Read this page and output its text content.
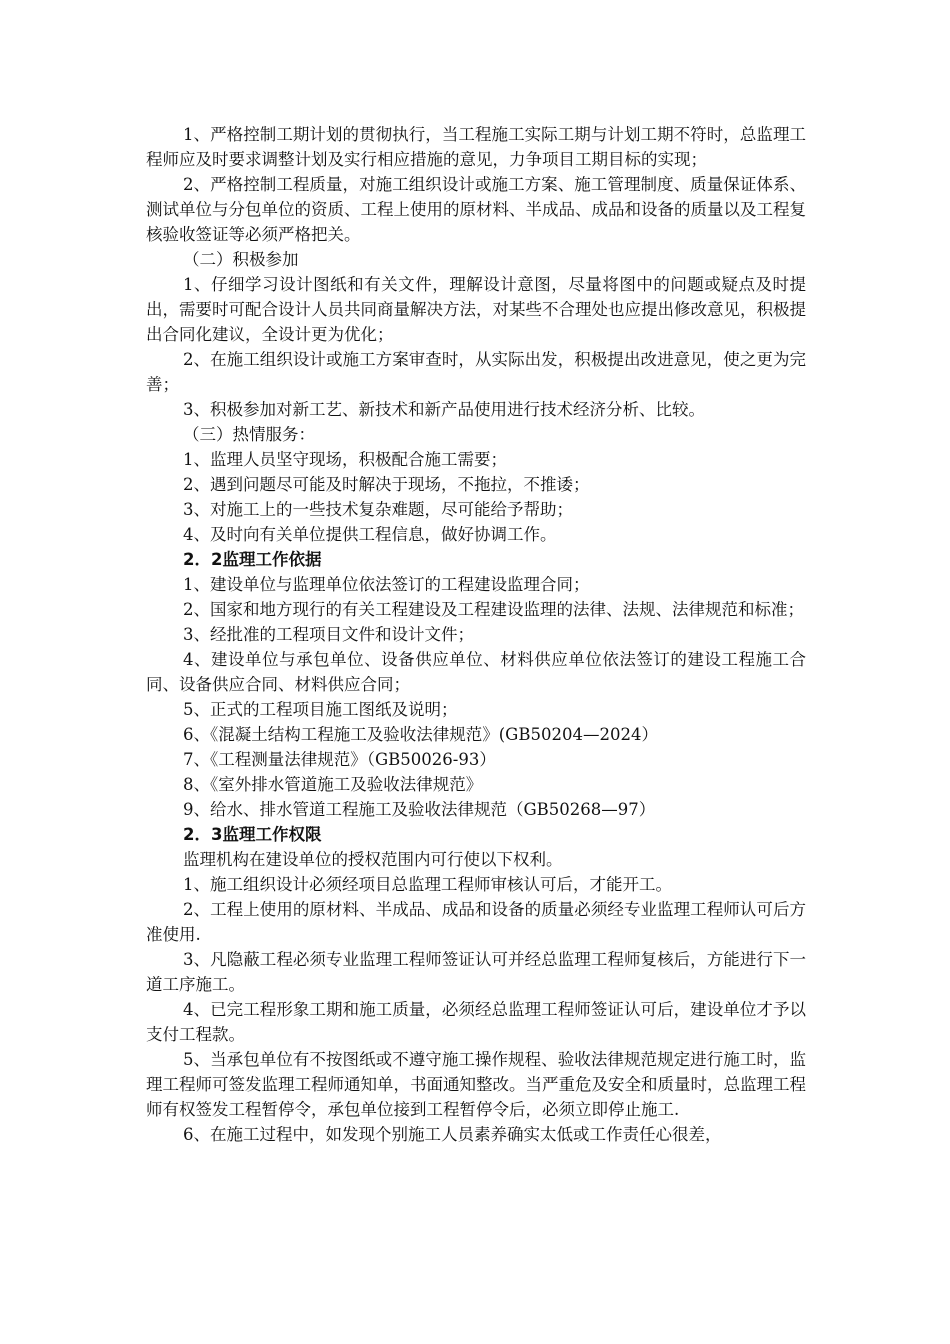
1、严格控制工期计划的贯彻执行，当工程施工实际工期与计划工期不符时，总监理工程师应及时要求调整计划及实行相应措施的意见，力争项目工期目标的实现；

2、严格控制工程质量，对施工组织设计或施工方案、施工管理制度、质量保证体系、测试单位与分包单位的资质、工程上使用的原材料、半成品、成品和设备的质量以及工程复核验收签证等必须严格把关。

（二）积极参加

1、仔细学习设计图纸和有关文件，理解设计意图，尽量将图中的问题或疑点及时提出，需要时可配合设计人员共同商量解决方法，对某些不合理处也应提出修改意见，积极提出合同化建议，全设计更为优化；

2、在施工组织设计或施工方案审查时，从实际出发，积极提出改进意见，使之更为完善；

3、积极参加对新工艺、新技术和新产品使用进行技术经济分析、比较。

（三）热情服务：

1、监理人员坚守现场，积极配合施工需要；

2、遇到问题尽可能及时解决于现场，不拖拉，不推诿；

3、对施工上的一些技术复杂难题，尽可能给予帮助；

4、及时向有关单位提供工程信息，做好协调工作。

2．2监理工作依据

1、建设单位与监理单位依法签订的工程建设监理合同；

2、国家和地方现行的有关工程建设及工程建设监理的法律、法规、法律规范和标准；

3、经批准的工程项目文件和设计文件；

4、建设单位与承包单位、设备供应单位、材料供应单位依法签订的建设工程施工合同、设备供应合同、材料供应合同；

5、正式的工程项目施工图纸及说明；

6、《混凝土结构工程施工及验收法律规范》(GB50204—2024）

7、《工程测量法律规范》（GB50026-93）

8、《室外排水管道施工及验收法律规范》

9、给水、排水管道工程施工及验收法律规范（GB50268—97）

2．3监理工作权限

监理机构在建设单位的授权范围内可行使以下权利。

1、施工组织设计必须经项目总监理工程师审核认可后，才能开工。

2、工程上使用的原材料、半成品、成品和设备的质量必须经专业监理工程师认可后方准使用.

3、凡隐蔽工程必须专业监理工程师签证认可并经总监理工程师复核后，方能进行下一道工序施工。

4、已完工程形象工期和施工质量，必须经总监理工程师签证认可后，建设单位才予以支付工程款。

5、当承包单位有不按图纸或不遵守施工操作规程、验收法律规范规定进行施工时，监理工程师可签发监理工程师通知单，书面通知整改。当严重危及安全和质量时，总监理工程师有权签发工程暂停令，承包单位接到工程暂停令后，必须立即停止施工.

6、在施工过程中，如发现个别施工人员素养确实太低或工作责任心很差，
